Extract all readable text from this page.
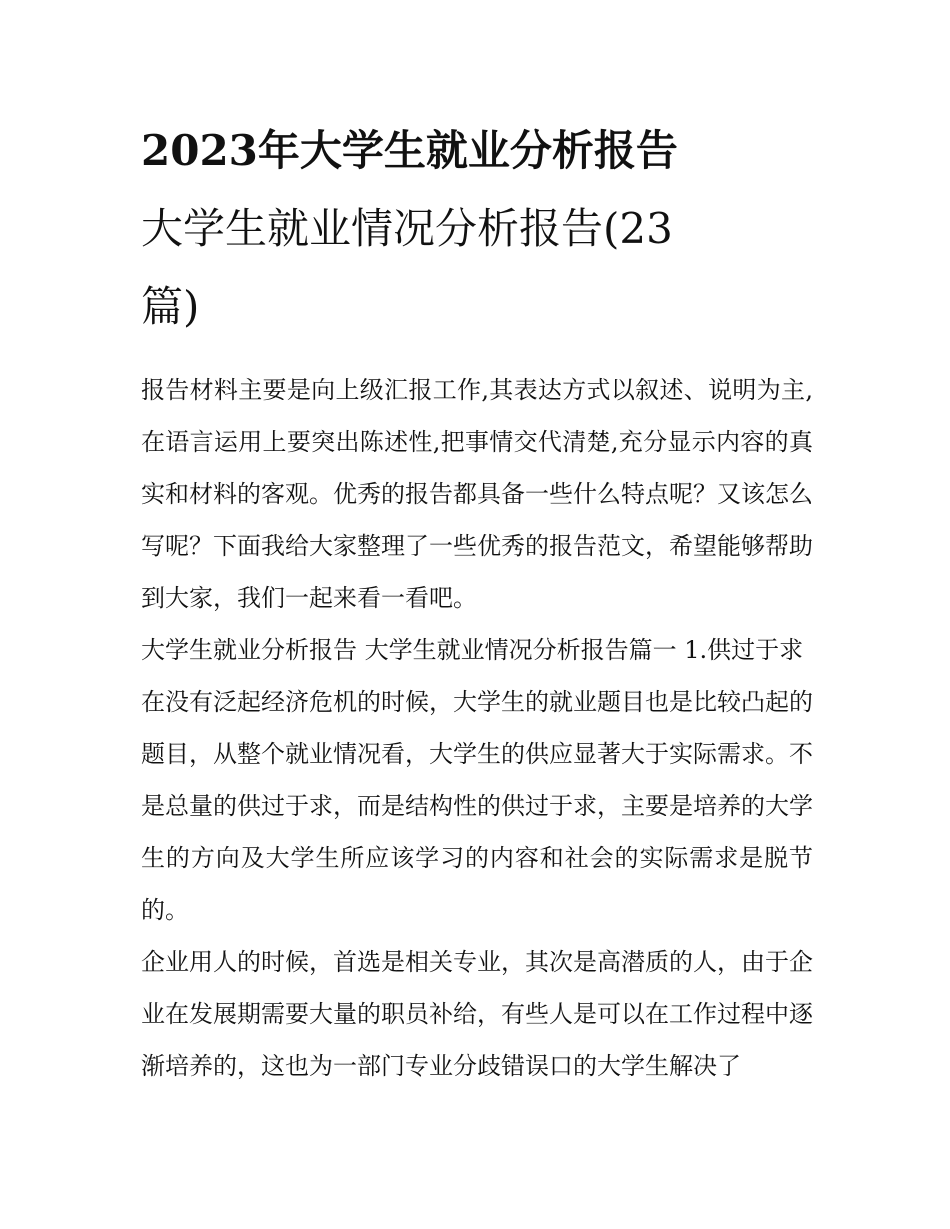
2023年大学生就业分析报告
大学生就业情况分析报告(23
篇)

报告材料主要是向上级汇报工作,其表达方式以叙述、说明为主,在语言运用上要突出陈述性,把事情交代清楚,充分显示内容的真实和材料的客观。优秀的报告都具备一些什么特点呢？又该怎么写呢？下面我给大家整理了一些优秀的报告范文，希望能够帮助到大家，我们一起来看一看吧。

大学生就业分析报告 大学生就业情况分析报告篇一 1.供过于求

在没有泛起经济危机的时候，大学生的就业题目也是比较凸起的题目，从整个就业情况看，大学生的供应显著大于实际需求。不是总量的供过于求，而是结构性的供过于求，主要是培养的大学生的方向及大学生所应该学习的内容和社会的实际需求是脱节的。

企业用人的时候，首选是相关专业，其次是高潜质的人，由于企业在发展期需要大量的职员补给，有些人是可以在工作过程中逐渐培养的，这也为一部门专业分歧错误口的大学生解决了
